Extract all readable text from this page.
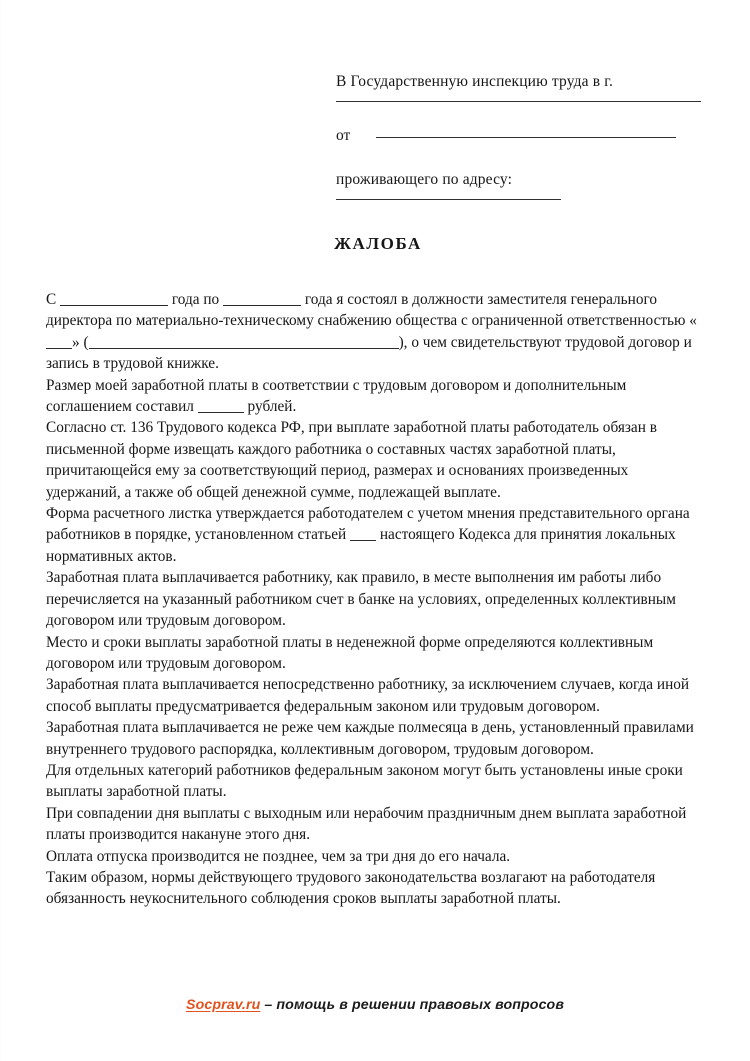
В Государственную инспекцию труда в г.
от
проживающего по адресу:
ЖАЛОБА

С	года по	года я состоял в должности заместителя генерального директора по материально-техническому снабжению общества с ограниченной ответственностью «» (	), о чем свидетельствуют трудовой договор и запись в трудовой книжке.

Размер моей заработной платы в соответствии с трудовым договором и дополнительным соглашением составил	рублей.

Согласно ст. 136 Трудового кодекса РФ, при выплате заработной платы работодатель обязан в письменной форме извещать каждого работника о составных частях заработной платы, причитающейся ему за соответствующий период, размерах и основаниях произведенных удержаний, а также об общей денежной сумме, подлежащей выплате.

Форма расчетного листка утверждается работодателем с учетом мнения представительного органа работников в порядке, установленном статьей  настоящего Кодекса для принятия локальных нормативных актов.

Заработная плата выплачивается работнику, как правило, в месте выполнения им работы либо перечисляется на указанный работником счет в банке на условиях, определенных коллективным договором или трудовым договором.

Место и сроки выплаты заработной платы в неденежной форме определяются коллективным договором или трудовым договором.

Заработная плата выплачивается непосредственно работнику, за исключением случаев, когда иной способ выплаты предусматривается федеральным законом или трудовым договором.

Заработная плата выплачивается не реже чем каждые полмесяца в день, установленный правилами внутреннего трудового распорядка, коллективным договором, трудовым договором.

Для отдельных категорий работников федеральным законом могут быть установлены иные сроки выплаты заработной платы.

При совпадении дня выплаты с выходным или нерабочим праздничным днем выплата заработной платы производится накануне этого дня.

Оплата отпуска производится не позднее, чем за три дня до его начала.

Таким образом, нормы действующего трудового законодательства возлагают на работодателя обязанность неукоснительного соблюдения сроков выплаты заработной платы.

Socprav.ru – помощь в решении правовых вопросов
